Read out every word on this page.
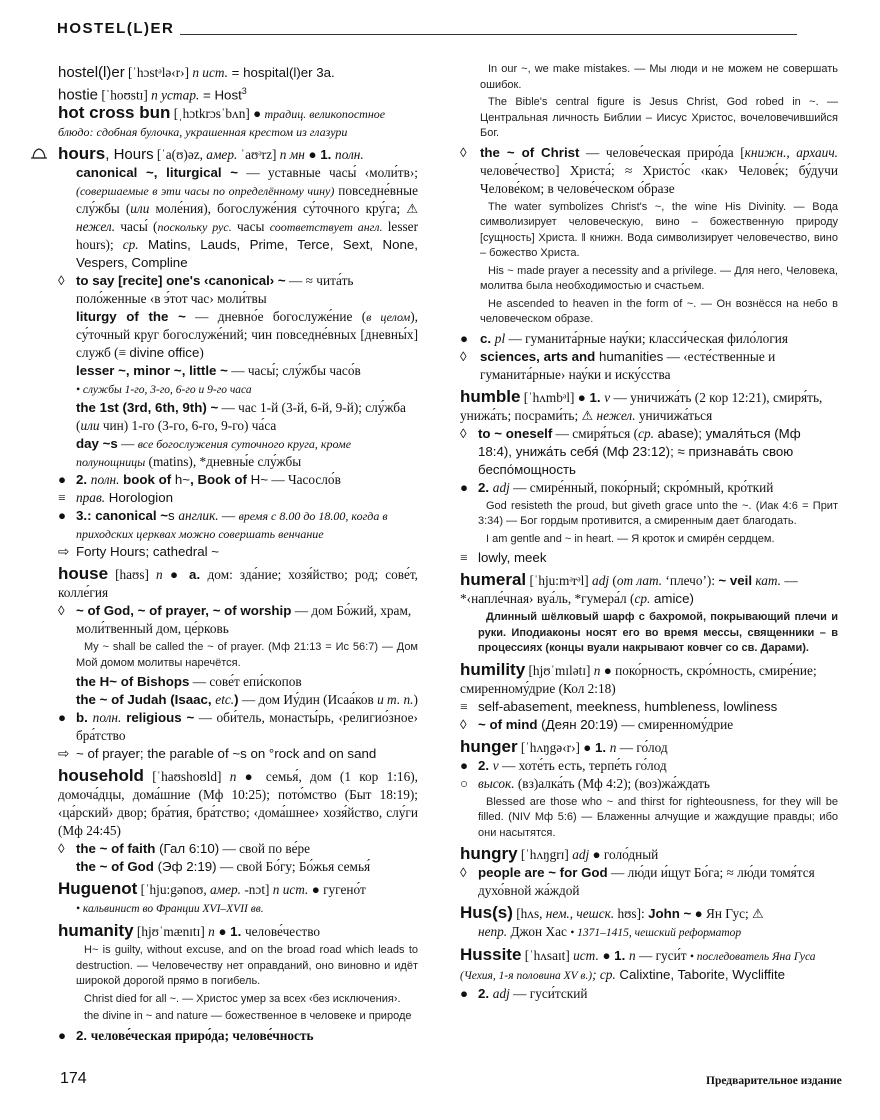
HOSTEL(L)ER

hostel(l)er [ˈhɔstᵊlə‹r›] n ист. = hospital(l)er 3a.

hostie [ˈhoʊstɪ] n устар. = Host$^3$

hot cross bun [ˌhɔtkrɔsˈbʌn] ● традиц. великопостное блюдо: сдобная булочка, украшенная крестом из глазури

hours, Hours [ˈa(ʊ)əz, амер. ˈaʊᵊrz] n мн ● 1. полн.

canonical ~, liturgical ~ — уставные часы́ ‹моли́тв›; (совершаемые в эти часы по определённому чину) повседне́вные слу́жбы (или моле́ния), богослуже́ния су́точного кру́га; ⚠ нежел. часы́ (поскольку рус. часы соответствует англ. lesser hours); ср. Matins, Lauds, Prime, Terce, Sext, None, Vespers, Compline

◊ to say [recite] one's ‹canonical› ~ — ≈ чита́ть поло́женные ‹в э́тот час› моли́твы

liturgy of the ~ — дневно́е богослуже́ние (в целом), су́точный круг богослуже́ний; чин повседне́вных [дневны́х] служб (≡ divine office)

lesser ~, minor ~, little ~ — часы́; слу́жбы часо́в
• службы 1-го, 3-го, 6-го и 9-го часа

the 1st (3rd, 6th, 9th) ~ — час 1-й (3-й, 6-й, 9-й); слу́жба (или чин) 1-го (3-го, 6-го, 9-го) ча́са

day ~s — все богослужения суточного круга, кроме полунощницы (matins), *дневны́е слу́жбы

● 2. полн. book of h~, Book of H~ — Часосло́в

≡ прав. Horologion

● 3.: canonical ~s англик. — время с 8.00 до 18.00, когда в приходских церквах можно совершать венчание

⇨ Forty Hours; cathedral ~

house [haʊs] n ● a. дом: зда́ние; хозя́йство; род; сове́т, колле́гия

◊ ~ of God, ~ of prayer, ~ of worship — дом Бо́жий, храм, моли́твенный дом, це́рковь

My ~ shall be called the ~ of prayer. (Мф 21:13 = Ис 56:7) — Дом Мой домом молитвы наречётся.

the H~ of Bishops — сове́т епи́скопов

the ~ of Judah (Isaac, etc.) — дом Иу́дин (Исаа́ков и т. п.)

● b. полн. religious ~ — оби́тель, монасты́рь, ‹религио́зное› бра́тство

⇨ ~ of prayer; the parable of ~s on °rock and on sand

household [ˈhaʊshoʊld] n ● семья́, дом (1 кор 1:16), домоча́дцы, дома́шние (Мф 10:25); пото́мство (Быт 18:19); ‹ца́рский› двор; бра́тия, бра́тство; ‹дома́шнее› хозя́йство, слу́ги (Мф 24:45)

◊ the ~ of faith (Гал 6:10) — свой по ве́ре

the ~ of God (Эф 2:19) — свой Бо́гу; Бо́жья семья́

Huguenot [ˈhju:gənoʊ, амер. -nɔt] n ист. ● гугено́т

• кальвинист во Франции XVI–XVII вв.

humanity [hjʊˈmænɪtɪ] n ● 1. челове́чество

H~ is guilty, without excuse, and on the broad road which leads to destruction. — Человечеству нет оправданий, оно виновно и идёт широкой дорогой прямо в погибель.

Christ died for all ~. — Христос умер за всех ‹без исключения›.

the divine in ~ and nature — божественное в человеке и природе

● 2. челове́ческая приро́да; челове́чность

In our ~, we make mistakes. — Мы люди и не можем не совершать ошибок.

The Bible's central figure is Jesus Christ, God robed in ~. — Центральная личность Библии – Иисус Христос, вочеловечившийся Бог.

◊	the ~ of Christ — челове́ческая приро́да [книжн., архаич. челове́чество] Христа́; ≈ Христо́с ‹как› Челове́к; бу́дучи Челове́ком; в челове́ческом о́бразе

The water symbolizes Christ's ~, the wine His Divinity. — Вода символизирует человеческую, вино – божественную природу [сущность] Христа. ‖ книжн. Вода символизирует человечество, вино – божество Христа.

His ~ made prayer a necessity and a privilege. — Для него, Человека, молитва была необходимостью и счастьем.

He ascended to heaven in the form of ~. — Он вознёсся на небо в человеческом образе.

● c. pl — гуманита́рные нау́ки; класси́ческая фило́логия

◊	sciences, arts and humanities — ‹есте́ственные и гуманита́рные› нау́ки и иску́сства

humble [ˈhʌmbᵊl] ● 1. v — уничижа́ть (2 кор 12:21), смиря́ть, унижа́ть; посрами́ть; ⚠ нежел. уничижа́ться

◊ to ~ oneself — смиря́ться (ср. abase); умаля́ться (Мф 18:4), унижа́ть себя́ (Мф 23:12); ≈ признава́ть свою беспо́мощность

● 2. adj — смире́нный, поко́рный; скро́мный, кро́ткий

God resisteth the proud, but giveth grace unto the ~. (Иак 4:6 = Прит 3:34) — Бог гордым противится, а смиренным дает благодать.

I am gentle and ~ in heart. — Я кроток и смире́н сердцем.

≡ lowly, meek

humeral [ˈhju:mᵊrᵊl] adj (от лат. ‘плечо’): ~ veil кат. — *‹напле́чная› вуа́ль, *гумера́л (ср. amice)

Длинный шёлковый шарф с бахромой, покрывающий плечи и руки. Иподиаконы носят его во время мессы, священники – в процессиях (концы вуали накрывают ковчег со св. Дарами).

humility [hjʊˈmɪlətɪ] n ● поко́рность, скро́мность, смире́ние; смиренному́дрие (Кол 2:18)

≡ self-abasement, meekness, humbleness, lowliness

◊ ~ of mind (Деян 20:19) — смиренному́дрие

hunger [ˈhʌŋgə‹r›] ● 1. n — го́лод

● 2. v — хоте́ть есть, терпе́ть го́лод

○ высок. (вз)алка́ть (Мф 4:2); (воз)жа́ждать

Blessed are those who ~ and thirst for righteousness, for they will be filled. (NIV Мф 5:6) — Блаженны алчущие и жаждущие правды; ибо они насытятся.

hungry [ˈhʌŋgrɪ] adj ● голо́дный

◊ people are ~ for God — лю́ди и́щут Бо́га; ≈ лю́ди томя́тся духо́вной жа́ждой

Hus(s) [hʌs, нем., чешск. hʊs]: John ~ ● Ян Гус; ⚠

непр. Джон Хас • 1371–1415, чешский реформатор

Hussite [ˈhʌsaɪt] ист. ● 1. n — гуси́т • последователь Яна Гуса (Чехия, 1-я половина XV в.); ср. Calixtine, Taborite, Wycliffite

● 2. adj — гуси́тский

174	Предварительное издание
